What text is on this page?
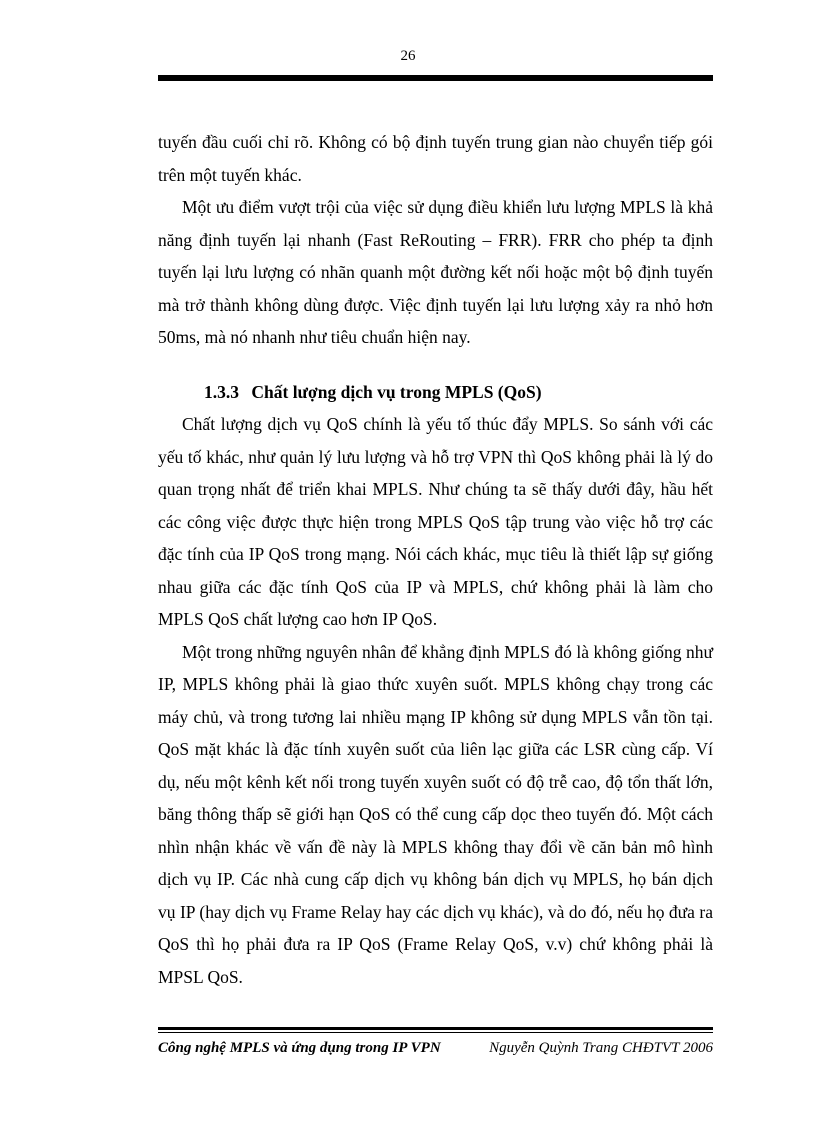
26

tuyến đầu cuối chỉ rõ. Không có bộ định tuyến trung gian nào chuyển tiếp gói trên một tuyến khác.

Một ưu điểm vượt trội của việc sử dụng điều khiển lưu lượng MPLS là khả năng định tuyến lại nhanh (Fast ReRouting – FRR). FRR cho phép ta định tuyến lại lưu lượng có nhãn quanh một đường kết nối hoặc một bộ định tuyến mà trở thành không dùng được. Việc định tuyến lại lưu lượng xảy ra nhỏ hơn 50ms, mà nó nhanh như tiêu chuẩn hiện nay.

1.3.3 Chất lượng dịch vụ trong MPLS (QoS)

Chất lượng dịch vụ QoS chính là yếu tố thúc đẩy MPLS. So sánh với các yếu tố khác, như quản lý lưu lượng và hỗ trợ VPN thì QoS không phải là lý do quan trọng nhất để triển khai MPLS. Như chúng ta sẽ thấy dưới đây, hầu hết các công việc được thực hiện trong MPLS QoS tập trung vào việc hỗ trợ các đặc tính của IP QoS trong mạng. Nói cách khác, mục tiêu là thiết lập sự giống nhau giữa các đặc tính QoS của IP và MPLS, chứ không phải là làm cho MPLS QoS chất lượng cao hơn IP QoS.

Một trong những nguyên nhân để khẳng định MPLS đó là không giống như IP, MPLS không phải là giao thức xuyên suốt. MPLS không chạy trong các máy chủ, và trong tương lai nhiều mạng IP không sử dụng MPLS vẫn tồn tại. QoS mặt khác là đặc tính xuyên suốt của liên lạc giữa các LSR cùng cấp. Ví dụ, nếu một kênh kết nối trong tuyến xuyên suốt có độ trễ cao, độ tổn thất lớn, băng thông thấp sẽ giới hạn QoS có thể cung cấp dọc theo tuyến đó. Một cách nhìn nhận khác về vấn đề này là MPLS không thay đổi về căn bản mô hình dịch vụ IP. Các nhà cung cấp dịch vụ không bán dịch vụ MPLS, họ bán dịch vụ IP (hay dịch vụ Frame Relay hay các dịch vụ khác), và do đó, nếu họ đưa ra QoS thì họ phải đưa ra IP QoS (Frame Relay QoS, v.v) chứ không phải là MPSL QoS.

Công nghệ MPLS và ứng dụng trong IP VPN	Nguyễn Quỳnh Trang CHĐTVT 2006
